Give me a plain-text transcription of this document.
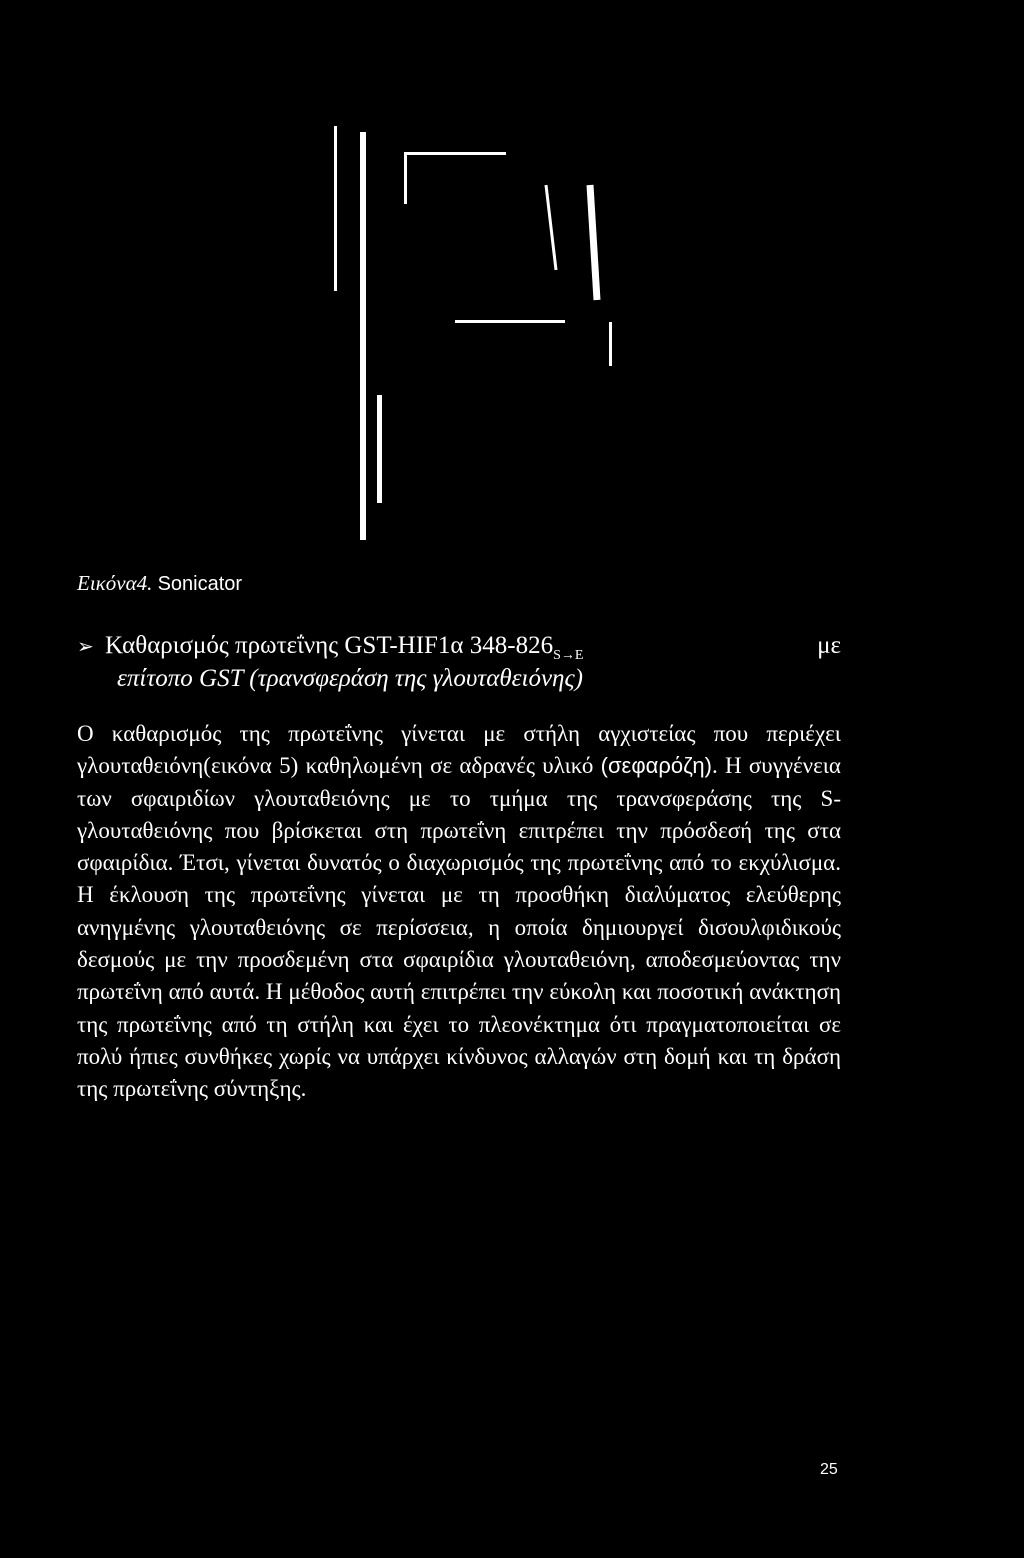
Εικόνα4. Sonicator
➢ Καθαρισμός πρωτεΐνης GST-HIF1α $348-826_{S\to E}$	με
επίτοπο GST (τρανσφεράση της γλουταθειόνης)
Ο καθαρισμός της πρωτεΐνης γίνεται με στήλη αγχιστείας που περιέχει γλουταθειόνη(εικόνα 5) καθηλωμένη σε αδρανές υλικό (σεφαρόζη). Η συγγένεια των σφαιριδίων γλουταθειόνης με το τμήμα της τρανσφεράσης της S- γλουταθειόνης που βρίσκεται στη πρωτεΐνη επιτρέπει την πρόσδεσή της στα σφαιρίδια. Έτσι, γίνεται δυνατός ο διαχωρισμός της πρωτεΐνης από το εκχύλισμα. Η έκλουση της πρωτεΐνης γίνεται με τη προσθήκη διαλύματος ελεύθερης ανηγμένης γλουταθειόνης σε περίσσεια, η οποία δημιουργεί δισουλφιδικούς δεσμούς με την προσδεμένη στα σφαιρίδια γλουταθειόνη, αποδεσμεύοντας την πρωτεΐνη από αυτά. Η μέθοδος αυτή επιτρέπει την εύκολη και ποσοτική ανάκτηση της πρωτεΐνης από τη στήλη και έχει το πλεονέκτημα ότι πραγματοποιείται σε πολύ ήπιες συνθήκες χωρίς να υπάρχει κίνδυνος αλλαγών στη δομή και τη δράση της πρωτεΐνης σύντηξης.
25
